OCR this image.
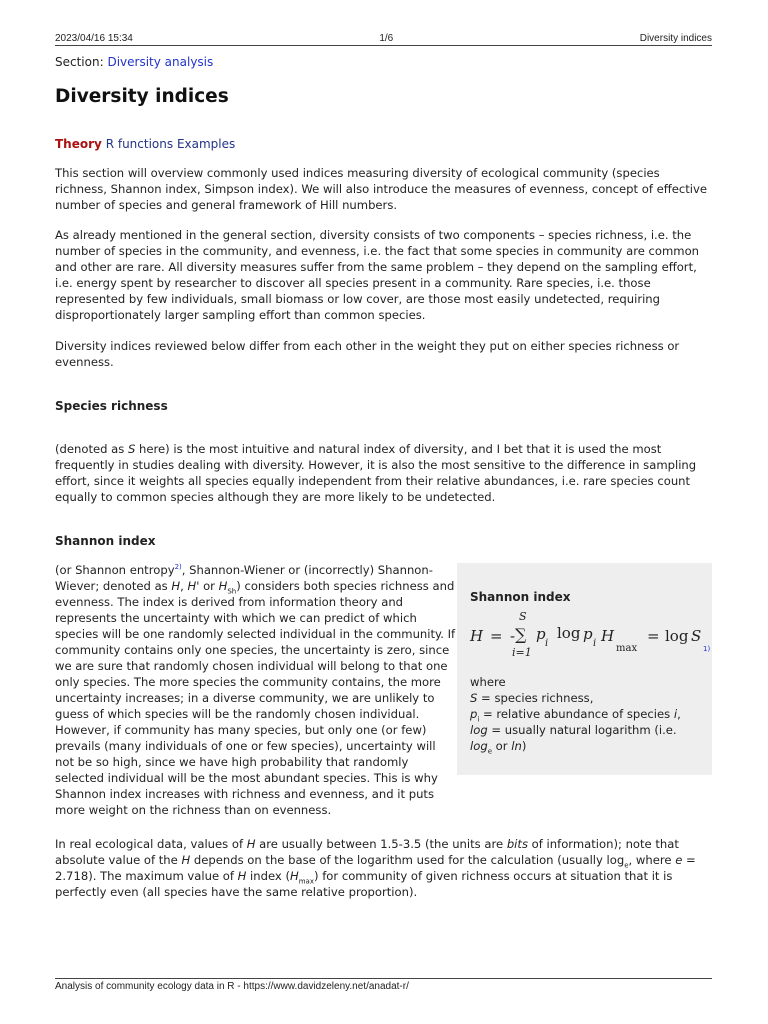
2023/04/16 15:34	1/6	Diversity indices
Section: Diversity analysis
Diversity indices
Theory R functions Examples

This section will overview commonly used indices measuring diversity of ecological community (species richness, Shannon index, Simpson index). We will also introduce the measures of evenness, concept of effective number of species and general framework of Hill numbers.

As already mentioned in the general section, diversity consists of two components – species richness, i.e. the number of species in the community, and evenness, i.e. the fact that some species in community are common and other are rare. All diversity measures suffer from the same problem – they depend on the sampling effort, i.e. energy spent by researcher to discover all species present in a community. Rare species, i.e. those represented by few individuals, small biomass or low cover, are those most easily undetected, requiring disproportionately larger sampling effort than common species.

Diversity indices reviewed below differ from each other in the weight they put on either species richness or evenness.

Species richness

(denoted as S here) is the most intuitive and natural index of diversity, and I bet that it is used the most frequently in studies dealing with diversity. However, it is also the most sensitive to the difference in sampling effort, since it weights all species equally independent from their relative abundances, i.e. rare species count equally to common species although they are more likely to be undetected.

Shannon index

(or Shannon entropy$^{2)}$, Shannon-Wiener or (incorrectly) Shannon-Wiever; denoted as H, H' or $H_{Sh}$) considers both species richness and evenness. The index is derived from information theory and represents the uncertainty with which we can predict of which species will be one randomly selected individual in the community. If community contains only one species, the uncertainty is zero, since we are sure that randomly chosen individual will belong to that one only species. The more species the community contains, the more uncertainty increases; in a diverse community, we are unlikely to guess of which species will be the randomly chosen individual. However, if community has many species, but only one (or few) prevails (many individuals of one or few species), uncertainty will not be so high, since we have high probability that randomly selected individual will be the most abundant species. This is why Shannon index increases with richness and evenness, and it puts more weight on the richness than on evenness.

Shannon index
H = -
S
∑
i=1
p
i
log p
i H
max
= log S
1)
where
S = species richness,
$p_i$ = relative abundance of species i,
log = usually natural logarithm (i.e.
$\log_e$ or ln)

In real ecological data, values of H are usually between 1.5-3.5 (the units are bits of information); note that absolute value of the H depends on the base of the logarithm used for the calculation (usually $\log_e$, where e = 2.718). The maximum value of H index $(H_{max})$ for community of given richness occurs at situation that it is perfectly even (all species have the same relative proportion).

Analysis of community ecology data in R - https://www.davidzeleny.net/anadat-r/
